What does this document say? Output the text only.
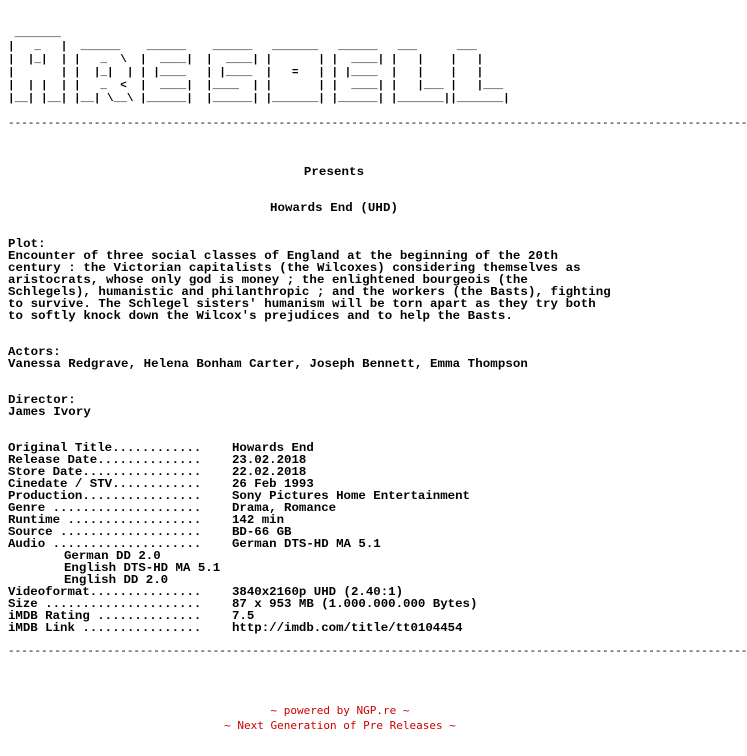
_______
|   _   |  ______    ______    ______   _______   ______   ___      ___
|  |_|  | |   _  \  |  ____|  |  ____| |       | |  ____| |   |    |   |
|       | |  |_|  | | |____   | |____  |   =   | | |____  |   |    |   |
|  | |  | |   _  <  |  ____|  |____  | |       | |  ____| |   |___ |   |___
|__| |__| |__| \__\ |______|  |______| |_______| |______| |_______||_______|
----------------------------------------------------------------------------------------------------------------
Presents
Howards End (UHD)
Plot:
Encounter of three social classes of England at the beginning of the 20th
century : the Victorian capitalists (the Wilcoxes) considering themselves as
aristocrats, whose only god is money ; the enlightened bourgeois (the
Schlegels), humanistic and philanthropic ; and the workers (the Basts), fighting
to survive. The Schlegel sisters' humanism will be torn apart as they try both
to softly knock down the Wilcox's prejudices and to help the Basts.
Actors:
Vanessa Redgrave, Helena Bonham Carter, Joseph Bennett, Emma Thompson
Director:
James Ivory
Original Title............ Howards End
Release Date.............. 23.02.2018
Store Date................ 22.02.2018
Cinedate / STV............ 26 Feb 1993
Production................ Sony Pictures Home Entertainment
Genre .................... Drama, Romance
Runtime .................. 142 min
Source ................... BD-66 GB
Audio .................... German DTS-HD MA 5.1
German DD 2.0
English DTS-HD MA 5.1
English DD 2.0
Videoformat............... 3840x2160p UHD (2.40:1)
Size ..................... 87 x 953 MB (1.000.000.000 Bytes)
iMDB Rating .............. 7.5
iMDB Link ................ http://imdb.com/title/tt0104454
----------------------------------------------------------------------------------------------------------------
~ powered by NGP.re ~
~ Next Generation of Pre Releases ~
